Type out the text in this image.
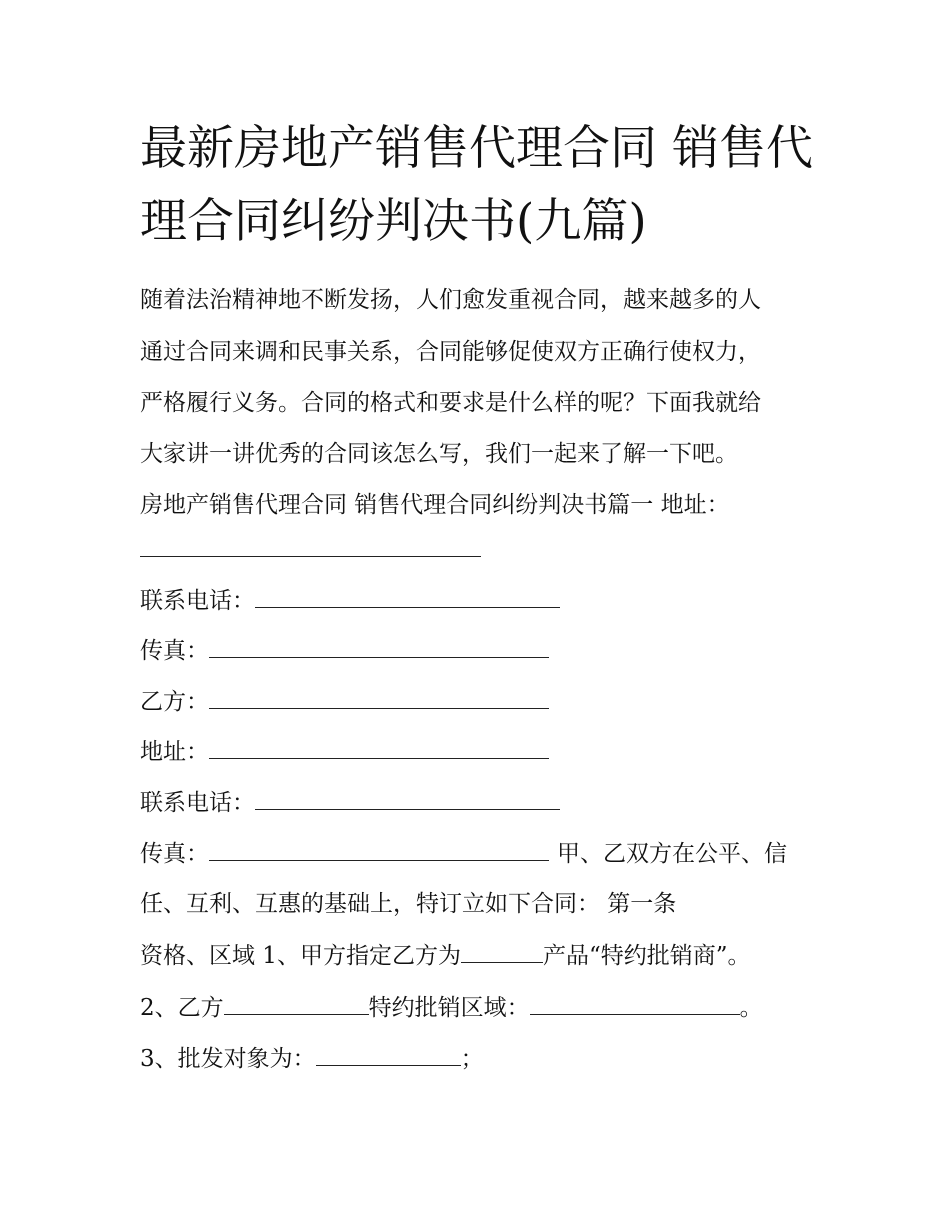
最新房地产销售代理合同 销售代理合同纠纷判决书(九篇)
随着法治精神地不断发扬，人们愈发重视合同，越来越多的人
通过合同来调和民事关系，合同能够促使双方正确行使权力，
严格履行义务。合同的格式和要求是什么样的呢？下面我就给
大家讲一讲优秀的合同该怎么写，我们一起来了解一下吧。
房地产销售代理合同 销售代理合同纠纷判决书篇一 地址：
联系电话：
传真：
乙方：
地址：
联系电话：
传真：	甲、乙双方在公平、信
任、互利、互惠的基础上，特订立如下合同： 第一条
资格、区域 1、甲方指定乙方为	产品“特约批销商”。
2、乙方	特约批销区域：	。
3、批发对象为：	；
